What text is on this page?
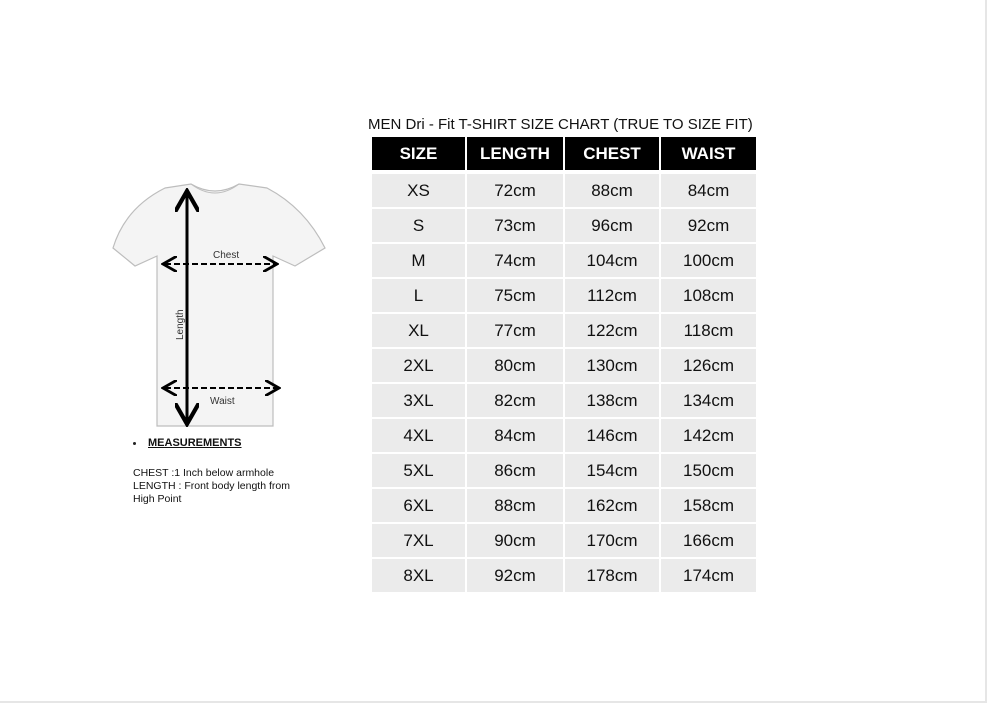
Chest
Waist
Length
MEASUREMENTS
CHEST :1 Inch below armhole
LENGTH : Front body length from
High Point
MEN Dri - Fit T-SHIRT SIZE CHART (TRUE TO SIZE FIT)
SIZE	LENGTH	CHEST	WAIST
XS	72cm	88cm	84cm
S	73cm	96cm	92cm
M	74cm	104cm	100cm
L	75cm	112cm	108cm
XL	77cm	122cm	118cm
2XL	80cm	130cm	126cm
3XL	82cm	138cm	134cm
4XL	84cm	146cm	142cm
5XL	86cm	154cm	150cm
6XL	88cm	162cm	158cm
7XL	90cm	170cm	166cm
8XL	92cm	178cm	174cm
